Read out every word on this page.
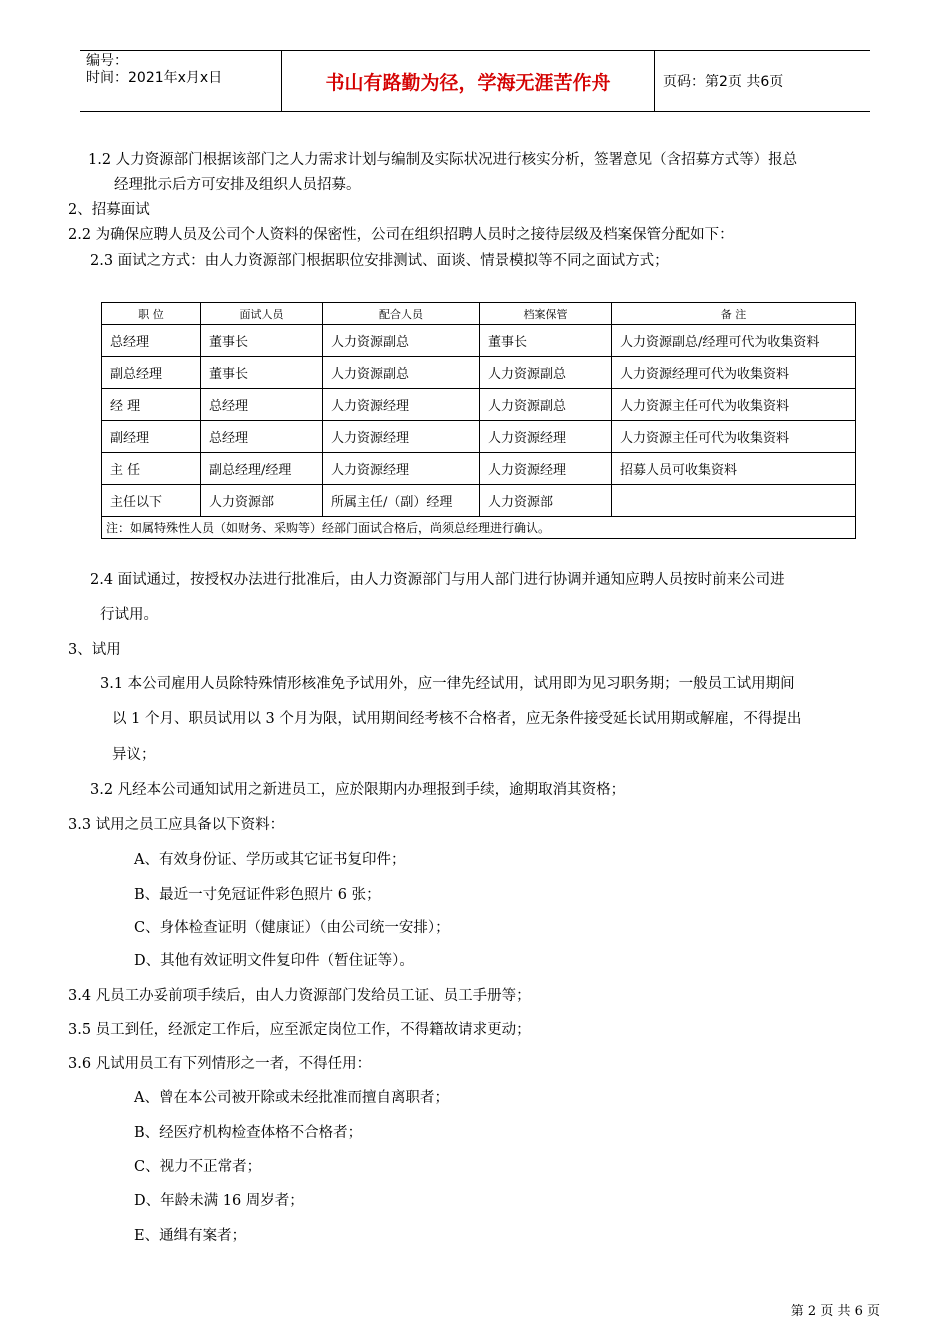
编号：
时间：2021年x月x日	书山有路勤为径，学海无涯苦作舟	页码：第2页 共6页
1.2 人力资源部门根据该部门之人力需求计划与编制及实际状况进行核实分析，签署意见（含招募方式等）报总
经理批示后方可安排及组织人员招募。
2、招募面试
2.2 为确保应聘人员及公司个人资料的保密性，公司在组织招聘人员时之接待层级及档案保管分配如下：
2.3 面试之方式：由人力资源部门根据职位安排测试、面谈、情景模拟等不同之面试方式；
职 位	面试人员	配合人员	档案保管	备 注
总经理	董事长	人力资源副总	董事长	人力资源副总/经理可代为收集资料
副总经理	董事长	人力资源副总	人力资源副总	人力资源经理可代为收集资料
经 理	总经理	人力资源经理	人力资源副总	人力资源主任可代为收集资料
副经理	总经理	人力资源经理	人力资源经理	人力资源主任可代为收集资料
主 任	副总经理/经理	人力资源经理	人力资源经理	招募人员可收集资料
主任以下	人力资源部	所属主任/（副）经理	人力资源部	
注：如属特殊性人员（如财务、采购等）经部门面试合格后，尚须总经理进行确认。				
2.4 面试通过，按授权办法进行批准后，由人力资源部门与用人部门进行协调并通知应聘人员按时前来公司进
行试用。
3、试用
3.1 本公司雇用人员除特殊情形核准免予试用外，应一律先经试用，试用即为见习职务期；一般员工试用期间
以 1 个月、职员试用以 3 个月为限，试用期间经考核不合格者，应无条件接受延长试用期或解雇，不得提出
异议；
3.2 凡经本公司通知试用之新进员工，应於限期内办理报到手续，逾期取消其资格；
3.3 试用之员工应具备以下资料：
A、有效身份证、学历或其它证书复印件；
B、最近一寸免冠证件彩色照片 6 张；
C、身体检查证明（健康证）（由公司统一安排）；
D、其他有效证明文件复印件（暂住证等）。
3.4 凡员工办妥前项手续后，由人力资源部门发给员工证、员工手册等；
3.5 员工到任，经派定工作后，应至派定岗位工作，不得籍故请求更动；
3.6 凡试用员工有下列情形之一者，不得任用：
A、曾在本公司被开除或未经批准而擅自离职者；
B、经医疗机构检查体格不合格者；
C、视力不正常者；
D、年龄未满 16 周岁者；
E、通缉有案者；
第 2 页 共 6 页
